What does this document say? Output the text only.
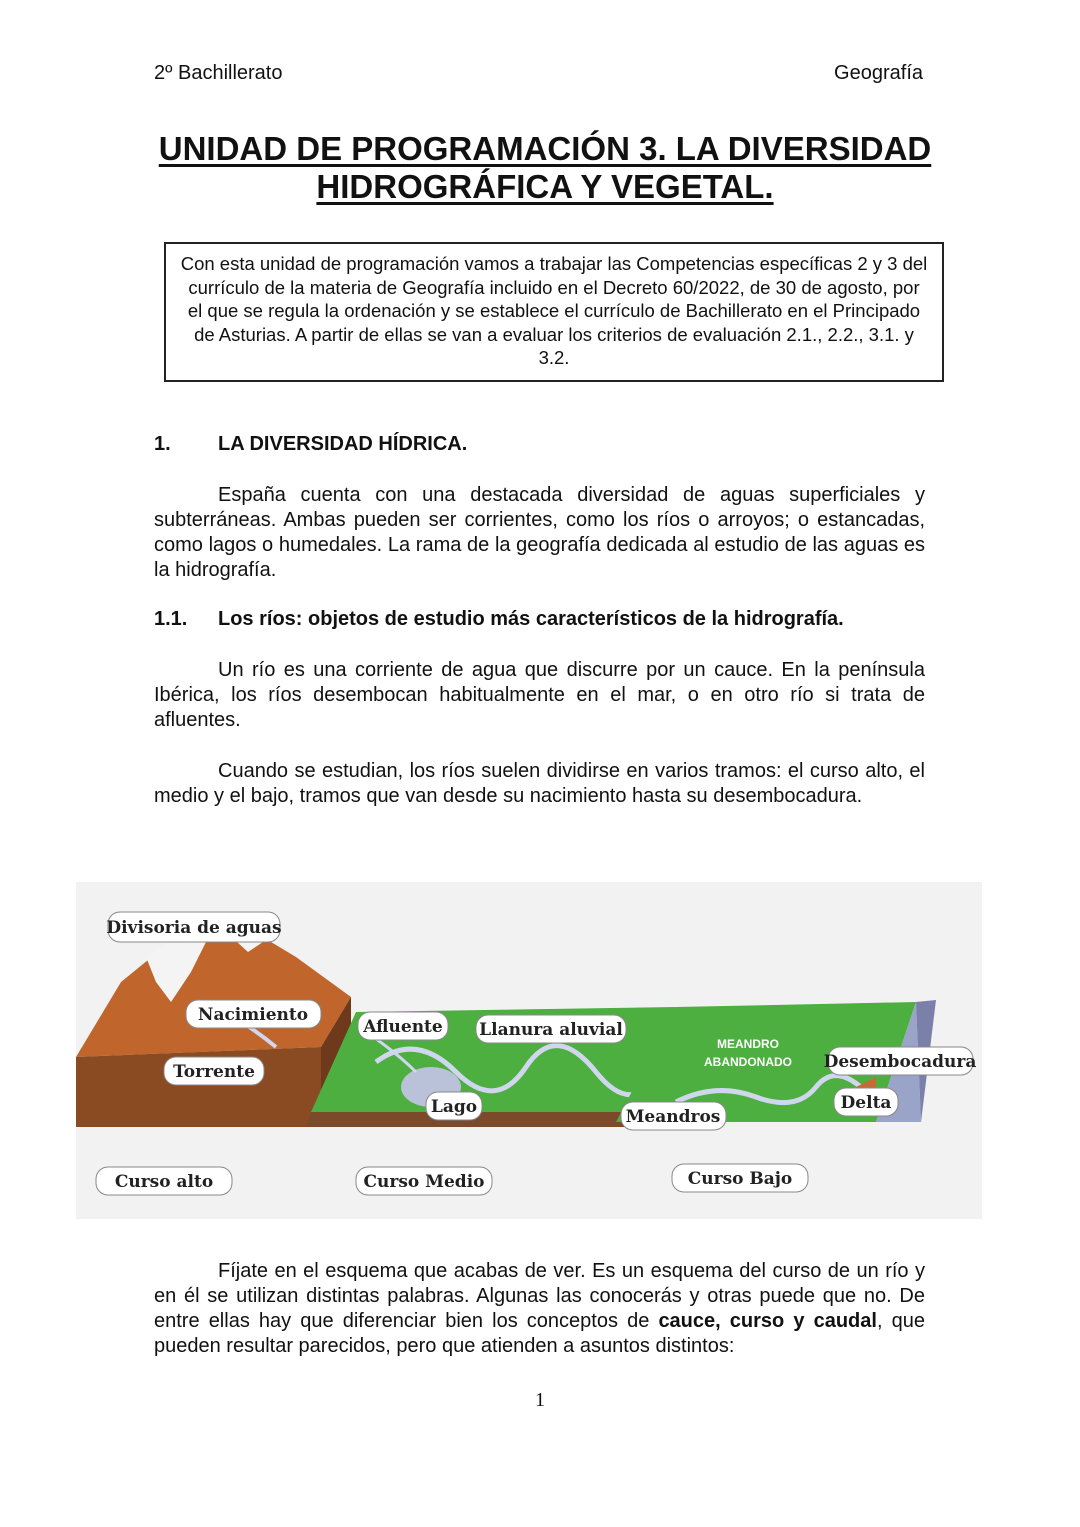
2º Bachillerato	Geografía
UNIDAD DE PROGRAMACIÓN 3. LA DIVERSIDAD
HIDROGRÁFICA Y VEGETAL.
Con esta unidad de programación vamos a trabajar las Competencias específicas 2 y 3 del currículo de la materia de Geografía incluido en el Decreto 60/2022, de 30 de agosto, por el que se regula la ordenación y se establece el currículo de Bachillerato en el Principado de Asturias. A partir de ellas se van a evaluar los criterios de evaluación 2.1., 2.2., 3.1. y 3.2.
1. LA DIVERSIDAD HÍDRICA.

España cuenta con una destacada diversidad de aguas superficiales y subterráneas. Ambas pueden ser corrientes, como los ríos o arroyos; o estancadas, como lagos o humedales. La rama de la geografía dedicada al estudio de las aguas es la hidrografía.

1.1. Los ríos: objetos de estudio más característicos de la hidrografía.

Un río es una corriente de agua que discurre por un cauce. En la península Ibérica, los ríos desembocan habitualmente en el mar, o en otro río si trata de afluentes.

Cuando se estudian, los ríos suelen dividirse en varios tramos: el curso alto, el medio y el bajo, tramos que van desde su nacimiento hasta su desembocadura.

Divisoria de aguas
Nacimiento
Torrente
Afluente Llanura aluvial
Lago
MEANDRO
ABANDONADO Desembocadura
Delta
Meandros
Curso alto	Curso Medio	Curso Bajo

Fíjate en el esquema que acabas de ver. Es un esquema del curso de un río y en él se utilizan distintas palabras. Algunas las conocerás y otras puede que no. De entre ellas hay que diferenciar bien los conceptos de cauce, curso y caudal, que pueden resultar parecidos, pero que atienden a asuntos distintos:

1
